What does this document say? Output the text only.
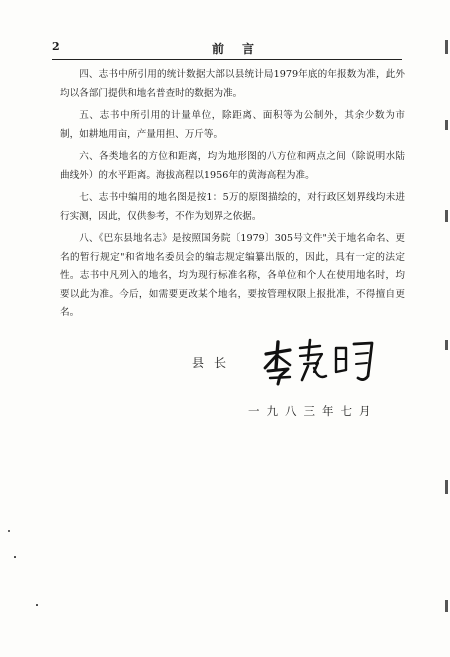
2	前言

四、志书中所引用的统计数据大部以县统计局1979年底的年报数为准，此外均以各部门提供和地名普查时的数据为准。

五、志书中所引用的计量单位，除距离、面积等为公制外，其余少数为市制，如耕地用亩，产量用担、万斤等。

六、各类地名的方位和距离，均为地形图的八方位和两点之间（除说明水陆曲线外）的水平距离。海拔高程以1956年的黄海高程为准。

七、志书中编用的地名图是按1：5万的原图描绘的，对行政区划界线均未进行实测，因此，仅供参考，不作为划界之依据。

八、《巴东县地名志》是按照国务院〔1979〕305号文件"关于地名命名、更名的暂行规定"和省地名委员会的编志规定编纂出版的，因此，具有一定的法定性。志书中凡列入的地名，均为现行标准名称，各单位和个人在使用地名时，均要以此为准。今后，如需要更改某个地名，要按管理权限上报批准，不得擅自更名。

县长
一九八三年七月
